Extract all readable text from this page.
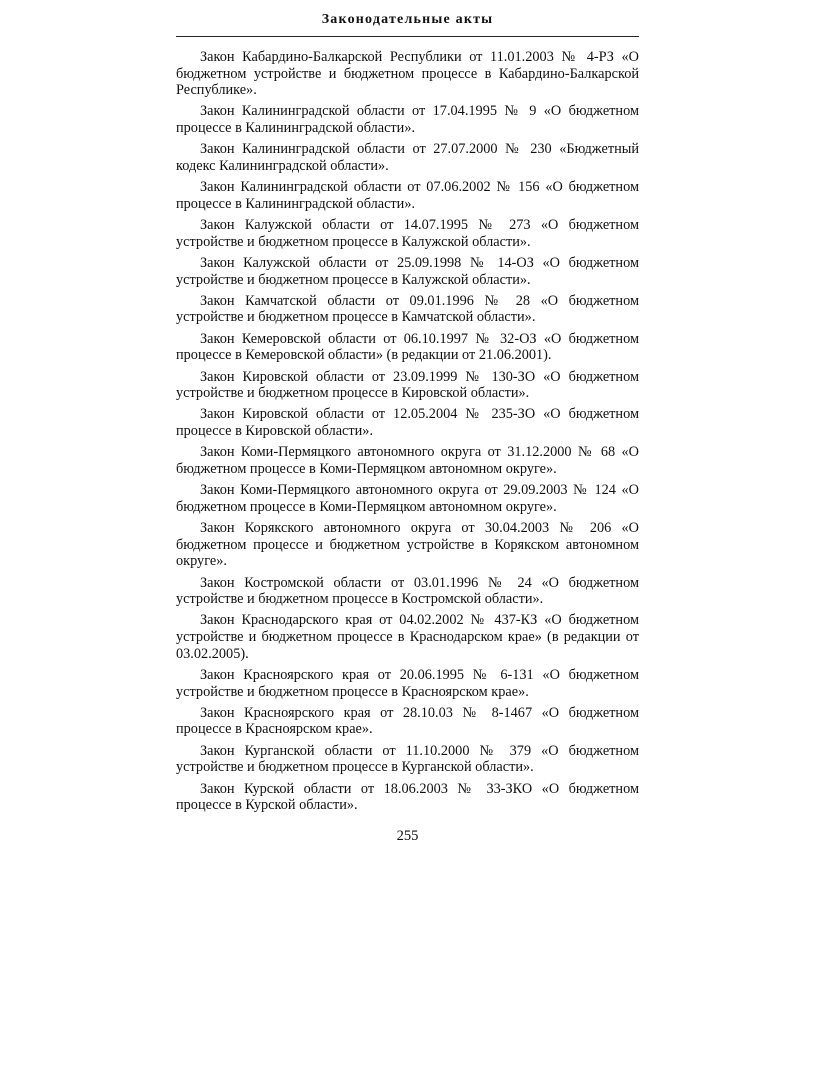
Законодательные акты

Закон Кабардино-Балкарской Республики от 11.01.2003 № 4-РЗ «О бюджетном устройстве и бюджетном процессе в Кабардино-Балкарской Республике».

Закон Калининградской области от 17.04.1995 № 9 «О бюджетном процессе в Калининградской области».

Закон Калининградской области от 27.07.2000 № 230 «Бюджетный кодекс Калининградской области».

Закон Калининградской области от 07.06.2002 № 156 «О бюджетном процессе в Калининградской области».

Закон Калужской области от 14.07.1995 № 273 «О бюджетном устройстве и бюджетном процессе в Калужской области».

Закон Калужской области от 25.09.1998 № 14-ОЗ «О бюджетном устройстве и бюджетном процессе в Калужской области».

Закон Камчатской области от 09.01.1996 № 28 «О бюджетном устройстве и бюджетном процессе в Камчатской области».

Закон Кемеровской области от 06.10.1997 № 32-ОЗ «О бюджетном процессе в Кемеровской области» (в редакции от 21.06.2001).

Закон Кировской области от 23.09.1999 № 130-ЗО «О бюджетном устройстве и бюджетном процессе в Кировской области».

Закон Кировской области от 12.05.2004 № 235-ЗО «О бюджетном процессе в Кировской области».

Закон Коми-Пермяцкого автономного округа от 31.12.2000 № 68 «О бюджетном процессе в Коми-Пермяцком автономном округе».

Закон Коми-Пермяцкого автономного округа от 29.09.2003 № 124 «О бюджетном процессе в Коми-Пермяцком автономном округе».

Закон Корякского автономного округа от 30.04.2003 № 206 «О бюджетном процессе и бюджетном устройстве в Корякском автономном округе».

Закон Костромской области от 03.01.1996 № 24 «О бюджетном устройстве и бюджетном процессе в Костромской области».

Закон Краснодарского края от 04.02.2002 № 437-КЗ «О бюджетном устройстве и бюджетном процессе в Краснодарском крае» (в редакции от 03.02.2005).

Закон Красноярского края от 20.06.1995 № 6-131 «О бюджетном устройстве и бюджетном процессе в Красноярском крае».

Закон Красноярского края от 28.10.03 № 8-1467 «О бюджетном процессе в Красноярском крае».

Закон Курганской области от 11.10.2000 № 379 «О бюджетном устройстве и бюджетном процессе в Курганской области».

Закон Курской области от 18.06.2003 № 33-ЗКО «О бюджетном процессе в Курской области».

255
